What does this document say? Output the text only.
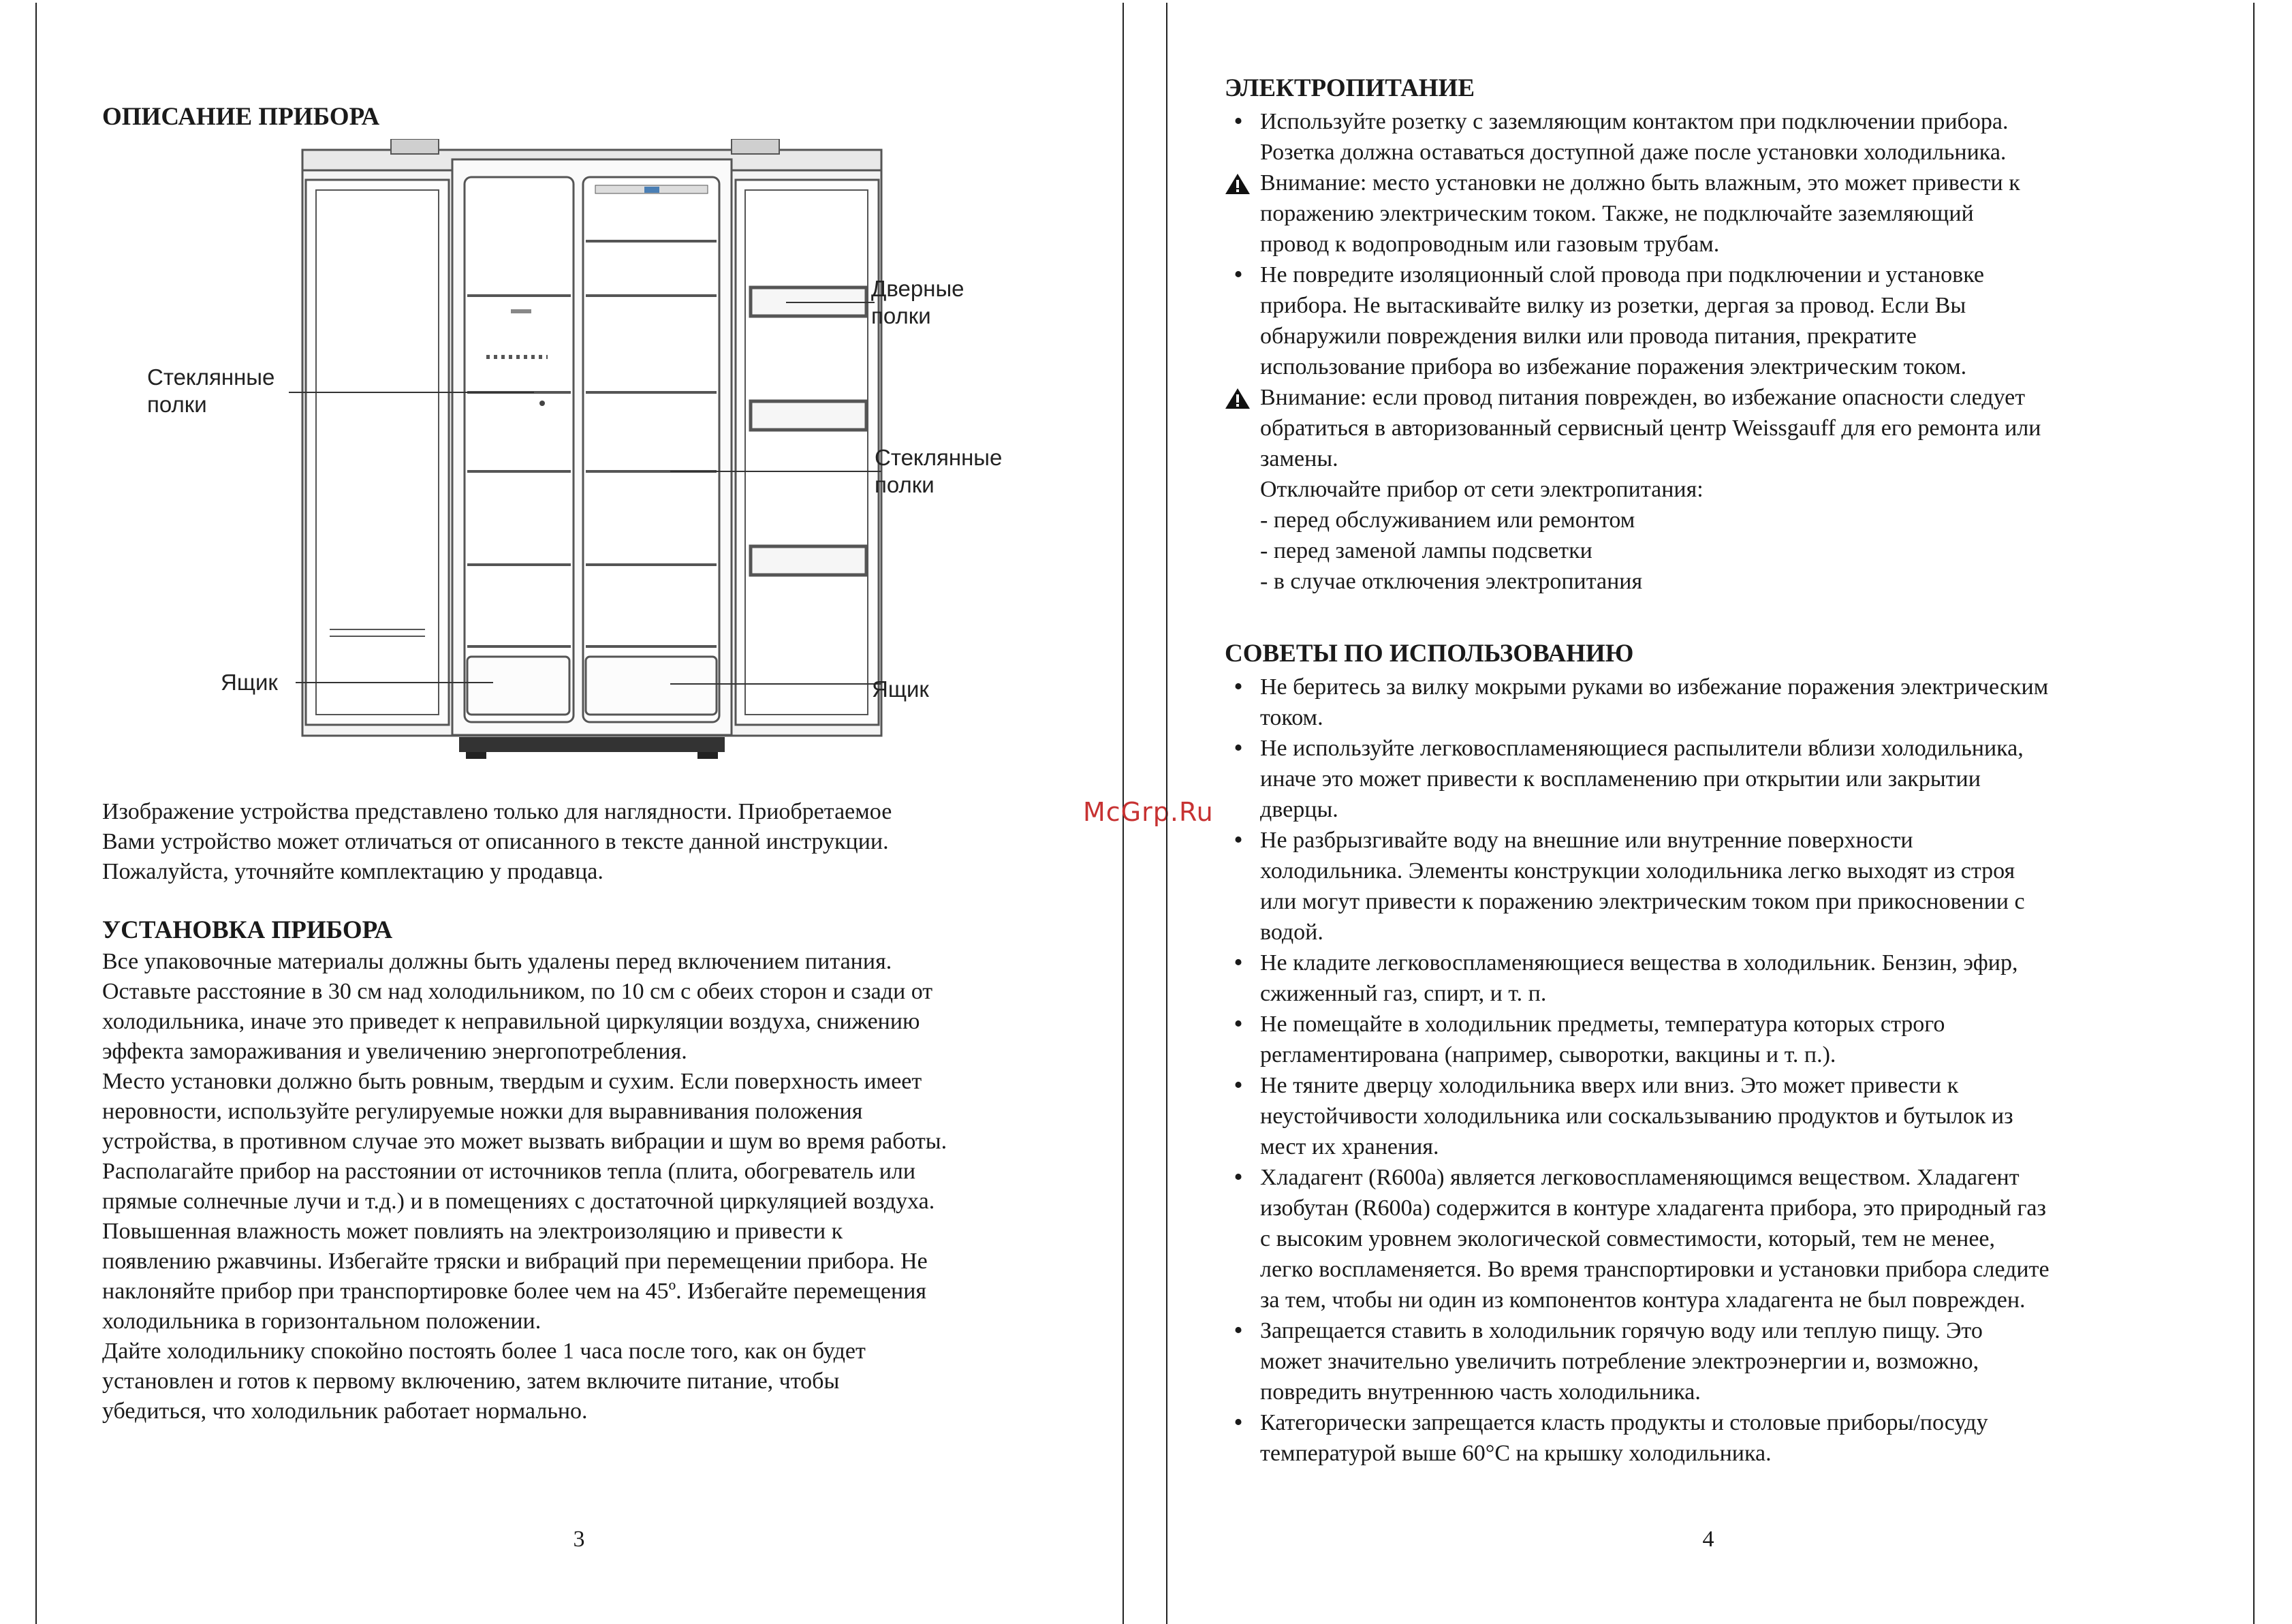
ОПИСАНИЕ ПРИБОРА
Стеклянные
полки
Дверные
полки
Стеклянные
полки
Ящик	Ящик

Изображение устройства представлено только для наглядности. Приобретаемое

Вами устройство может отличаться от описанного в тексте данной инструкции.

Пожалуйста, уточняйте комплектацию у продавца.

УСТАНОВКА ПРИБОРА

Все упаковочные материалы должны быть удалены перед включением питания.

Оставьте расстояние в 30 см над холодильником, по 10 см с обеих сторон и сзади от

холодильника, иначе это приведет к неправильной циркуляции воздуха, снижению

эффекта замораживания и увеличению энергопотребления.

Место установки должно быть ровным, твердым и сухим. Если поверхность имеет

неровности, используйте регулируемые ножки для выравнивания положения

устройства, в противном случае это может вызвать вибрации и шум во время работы.

Располагайте прибор на расстоянии от источников тепла (плита, обогреватель или

прямые солнечные лучи и т.д.) и в помещениях с достаточной циркуляцией воздуха.

Повышенная влажность может повлиять на электроизоляцию и привести к

появлению ржавчины. Избегайте тряски и вибраций при перемещении прибора. Не

наклоняйте прибор при транспортировке более чем на 45º. Избегайте перемещения

холодильника в горизонтальном положении.

Дайте холодильнику спокойно постоять более 1 часа после того, как он будет

установлен и готов к первому включению, затем включите питание, чтобы

убедиться, что холодильник работает нормально.

3
McGrp.Ru
ЭЛЕКТРОПИТАНИЕ
•
Используйте розетку с заземляющим контактом при подключении прибора.
Розетка должна оставаться доступной даже после установки холодильника.
Внимание: место установки не должно быть влажным, это может привести к
поражению электрическим током. Также, не подключайте заземляющий
провод к водопроводным или газовым трубам.
•
Не повредите изоляционный слой провода при подключении и установке
прибора. Не вытаскивайте вилку из розетки, дергая за провод. Если Вы
обнаружили повреждения вилки или провода питания, прекратите
использование прибора во избежание поражения электрическим током.
Внимание: если провод питания поврежден, во избежание опасности следует
обратиться в авторизованный сервисный центр Weissgauff для его ремонта или
замены.
Отключайте прибор от сети электропитания:
- перед обслуживанием или ремонтом
- перед заменой лампы подсветки
- в случае отключения электропитания
СОВЕТЫ ПО ИСПОЛЬЗОВАНИЮ
•
Не беритесь за вилку мокрыми руками во избежание поражения электрическим
током.
•
Не используйте легковоспламеняющиеся распылители вблизи холодильника,
иначе это может привести к воспламенению при открытии или закрытии
дверцы.
•
Не разбрызгивайте воду на внешние или внутренние поверхности
холодильника. Элементы конструкции холодильника легко выходят из строя
или могут привести к поражению электрическим током при прикосновении с
водой.
•
Не кладите легковоспламеняющиеся вещества в холодильник. Бензин, эфир,
сжиженный газ, спирт, и т. п.
•
Не помещайте в холодильник предметы, температура которых строго
регламентирована (например, сыворотки, вакцины и т. п.).
•
Не тяните дверцу холодильника вверх или вниз. Это может привести к
неустойчивости холодильника или соскальзыванию продуктов и бутылок из
мест их хранения.
•
Хладагент (R600a) является легковоспламеняющимся веществом. Хладагент
изобутан (R600a) содержится в контуре хладагента прибора, это природный газ
с высоким уровнем экологической совместимости, который, тем не менее,
легко воспламеняется. Во время транспортировки и установки прибора следите
за тем, чтобы ни один из компонентов контура хладагента не был поврежден.
•
Запрещается ставить в холодильник горячую воду или теплую пищу. Это
может значительно увеличить потребление электроэнергии и, возможно,
повредить внутреннюю часть холодильника.
•
Категорически запрещается класть продукты и столовые приборы/посуду
температурой выше 60°С на крышку холодильника.
4
